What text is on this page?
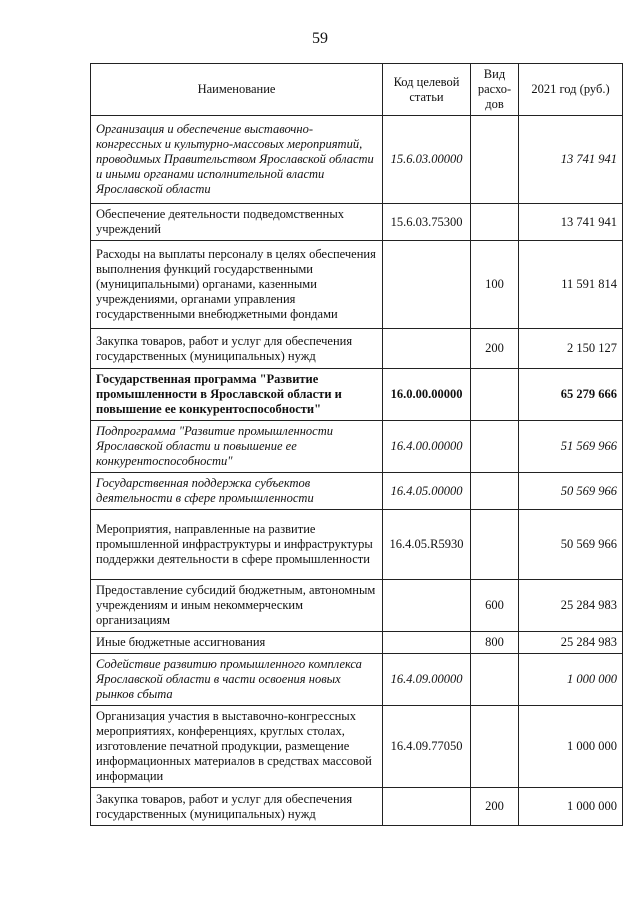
59
Наименование	Код целевой статьи	Вид расхо-дов	2021 год (руб.)
Организация и обеспечение выставочно-конгрессных и культурно-массовых мероприятий, проводимых Правительством Ярославской области и иными органами исполнительной власти Ярославской области	15.6.03.00000		13 741 941
Обеспечение деятельности подведомственных учреждений	15.6.03.75300		13 741 941
Расходы на выплаты персоналу в целях обеспечения выполнения функций государственными (муниципальными) органами, казенными учреждениями, органами управления государственными внебюджетными фондами		100	11 591 814
Закупка товаров, работ и услуг для обеспечения государственных (муниципальных) нужд		200	2 150 127
Государственная программа "Развитие промышленности в Ярославской области и повышение ее конкурентоспособности"	16.0.00.00000		65 279 666
Подпрограмма "Развитие промышленности Ярославской области и повышение ее конкурентоспособности"	16.4.00.00000		51 569 966
Государственная поддержка субъектов деятельности в сфере промышленности	16.4.05.00000		50 569 966
Мероприятия, направленные на развитие промышленной инфраструктуры и инфраструктуры поддержки деятельности в сфере промышленности	16.4.05.R5930		50 569 966
Предоставление субсидий бюджетным, автономным учреждениям и иным некоммерческим организациям		600	25 284 983
Иные бюджетные ассигнования		800	25 284 983
Содействие развитию промышленного комплекса Ярославской области в части освоения новых рынков сбыта	16.4.09.00000		1 000 000
Организация участия в выставочно-конгрессных мероприятиях, конференциях, круглых столах, изготовление печатной продукции, размещение информационных материалов в средствах массовой информации	16.4.09.77050		1 000 000
Закупка товаров, работ и услуг для обеспечения государственных (муниципальных) нужд		200	1 000 000
